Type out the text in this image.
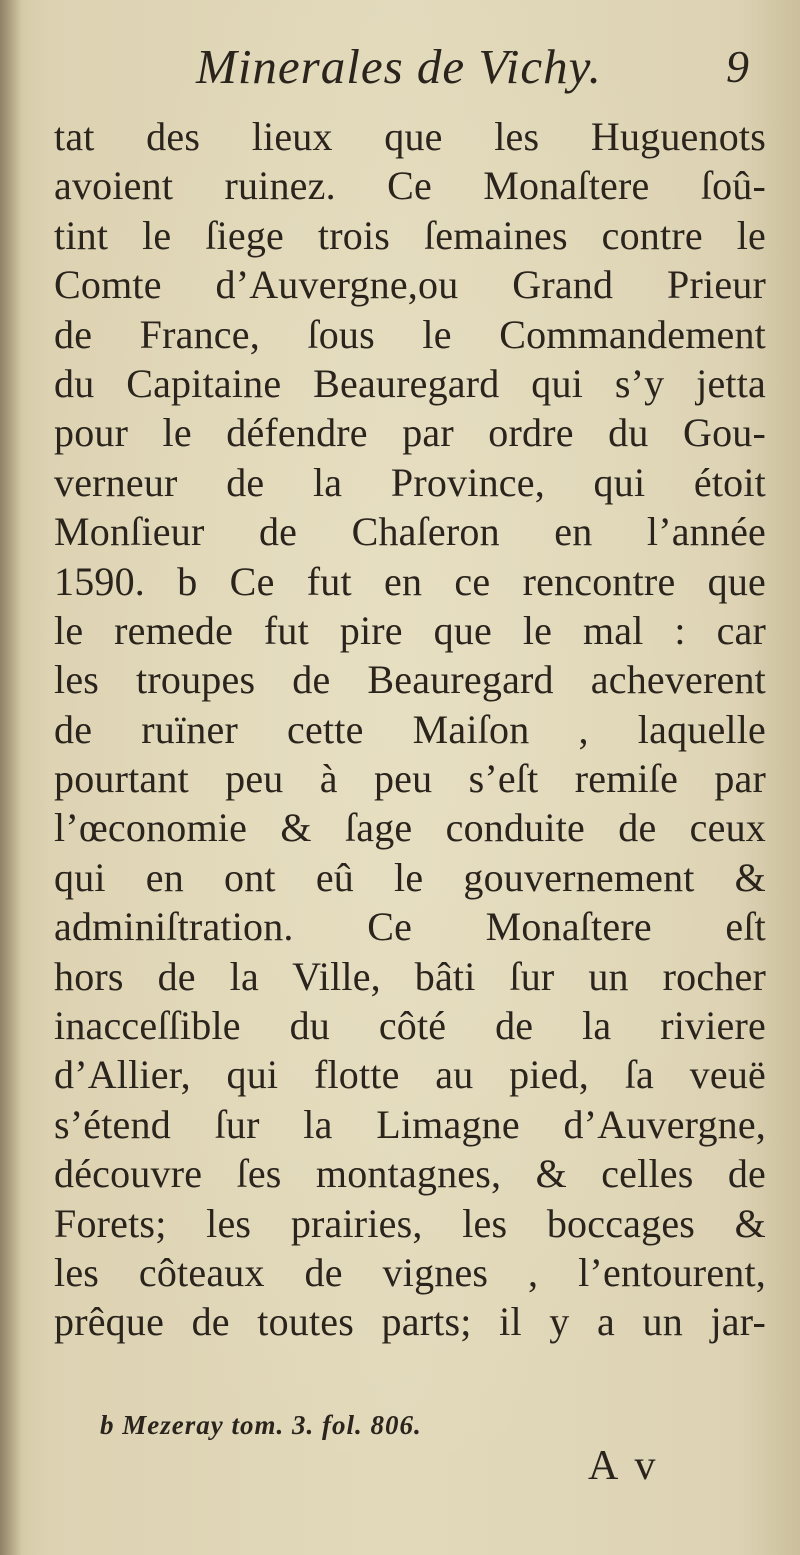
Minerales de Vichy.	9
tat des lieux que les Huguenots
avoient ruinez. Ce Monaſtere ſoû-
tint le ſiege trois ſemaines contre le
Comte d’Auvergne,ou Grand Prieur
de France, ſous le Commandement
du Capitaine Beauregard qui s’y jetta
pour le défendre par ordre du Gou-
verneur de la Province, qui étoit
Monſieur de Chaſeron en l’année
1590. b Ce fut en ce rencontre que
le remede fut pire que le mal : car
les troupes de Beauregard acheverent
de ruïner cette Maiſon , laquelle
pourtant peu à peu s’eſt remiſe par
l’œconomie & ſage conduite de ceux
qui en ont eû le gouvernement &
adminiſtration. Ce Monaſtere eſt
hors de la Ville, bâti ſur un rocher
inacceſſible du côté de la riviere
d’Allier, qui flotte au pied, ſa veuë
s’étend ſur la Limagne d’Auvergne,
découvre ſes montagnes, & celles de
Forets; les prairies, les boccages &
les côteaux de vignes , l’entourent,
prêque de toutes parts; il y a un jar-
b Mezeray tom. 3. fol. 806.
A v
